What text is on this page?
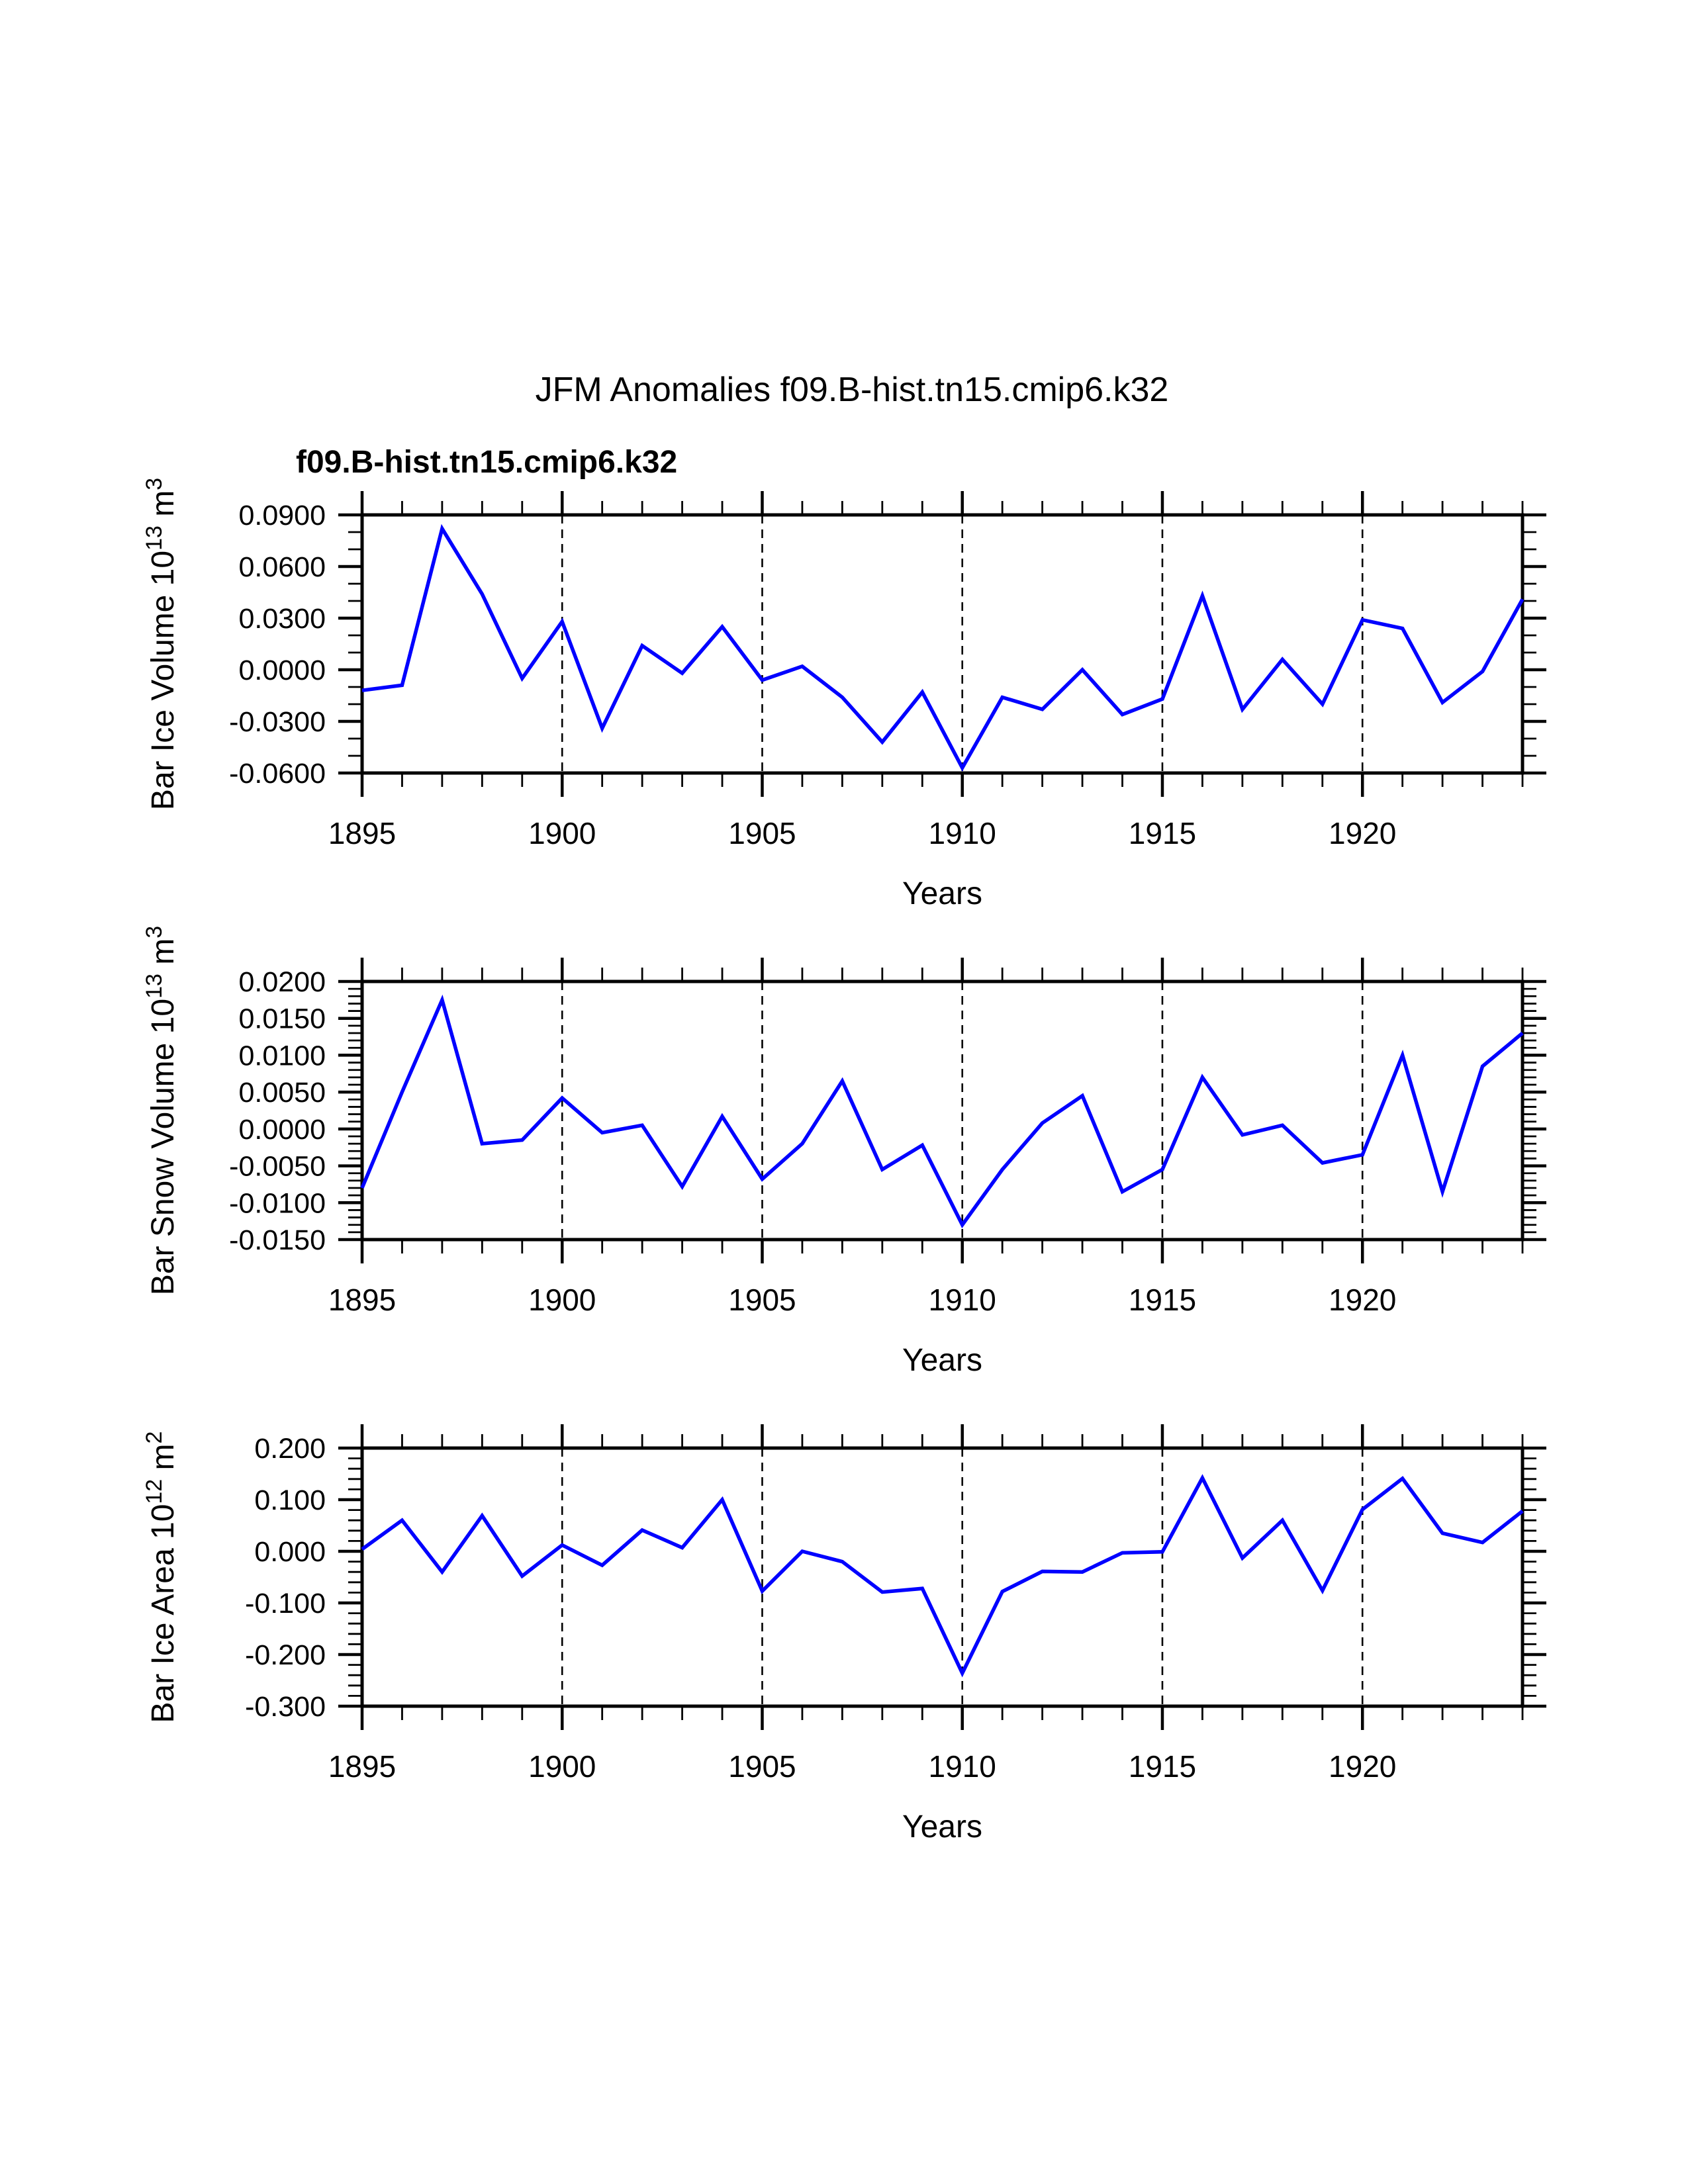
JFM Anomalies f09.B-hist.tn15.cmip6.k32
f09.B-hist.tn15.cmip6.k32
0.0900
0.0600
0.0300
0.0000
-0.0300
-0.0600
1895	1900	1905	1910	1915	1920
Years
Bar Ice Volume $10^{13}$ $m^3$
0.0200
0.0150
0.0100
0.0050
0.0000
-0.0050
-0.0100
-0.0150
1895	1900	1905	1910	1915	1920
Years
Bar Snow Volume $10^{13}$ $m^3$
0.200
0.100
0.000
-0.100
-0.200
-0.300
1895	1900	1905	1910	1915	1920
Years
Bar Ice Area $10^{12}$ $m^2$
